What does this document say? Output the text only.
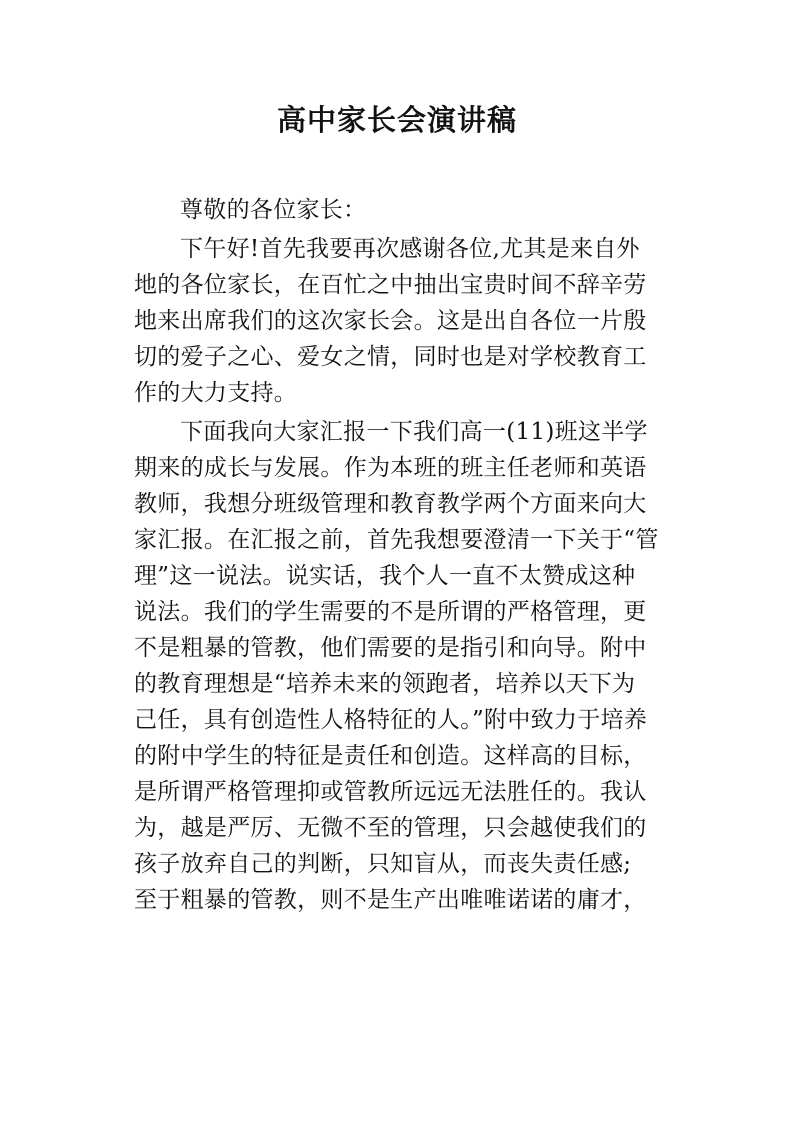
高中家长会演讲稿
尊敬的各位家长：
下午好!首先我要再次感谢各位,尤其是来自外
地的各位家长，在百忙之中抽出宝贵时间不辞辛劳
地来出席我们的这次家长会。这是出自各位一片殷
切的爱子之心、爱女之情，同时也是对学校教育工
作的大力支持。
下面我向大家汇报一下我们高一(11)班这半学
期来的成长与发展。作为本班的班主任老师和英语
教师，我想分班级管理和教育教学两个方面来向大
家汇报。在汇报之前，首先我想要澄清一下关于“管
理”这一说法。说实话，我个人一直不太赞成这种
说法。我们的学生需要的不是所谓的严格管理，更
不是粗暴的管教，他们需要的是指引和向导。附中
的教育理想是“培养未来的领跑者，培养以天下为
己任，具有创造性人格特征的人。”附中致力于培养
的附中学生的特征是责任和创造。这样高的目标，
是所谓严格管理抑或管教所远远无法胜任的。我认
为，越是严厉、无微不至的管理，只会越使我们的
孩子放弃自己的判断，只知盲从，而丧失责任感;
至于粗暴的管教，则不是生产出唯唯诺诺的庸才，
